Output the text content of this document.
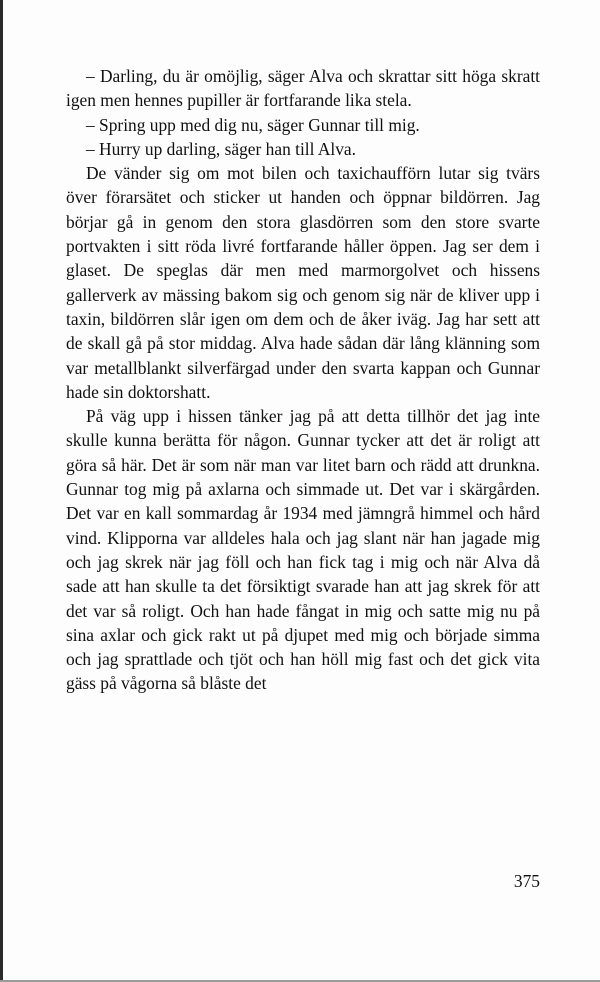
– Darling, du är omöjlig, säger Alva och skrattar sitt höga skratt igen men hennes pupiller är fortfarande lika stela.

– Spring upp med dig nu, säger Gunnar till mig.

– Hurry up darling, säger han till Alva.

De vänder sig om mot bilen och taxichaufförn lutar sig tvärs över förarsätet och sticker ut handen och öppnar bildörren. Jag börjar gå in genom den stora glasdörren som den store svarte portvakten i sitt röda livré fortfarande håller öppen. Jag ser dem i glaset. De speglas där men med marmorgolvet och hissens gallerverk av mässing bakom sig och genom sig när de kliver upp i taxin, bildörren slår igen om dem och de åker iväg. Jag har sett att de skall gå på stor middag. Alva hade sådan där lång klänning som var metallblankt silverfärgad under den svarta kappan och Gunnar hade sin doktorshatt.

På väg upp i hissen tänker jag på att detta tillhör det jag inte skulle kunna berätta för någon. Gunnar tycker att det är roligt att göra så här. Det är som när man var litet barn och rädd att drunkna. Gunnar tog mig på axlarna och simmade ut. Det var i skärgården. Det var en kall sommardag år 1934 med jämngrå himmel och hård vind. Klipporna var alldeles hala och jag slant när han jagade mig och jag skrek när jag föll och han fick tag i mig och när Alva då sade att han skulle ta det försiktigt svarade han att jag skrek för att det var så roligt. Och han hade fångat in mig och satte mig nu på sina axlar och gick rakt ut på djupet med mig och började simma och jag sprattlade och tjöt och han höll mig fast och det gick vita gäss på vågorna så blåste det

375
